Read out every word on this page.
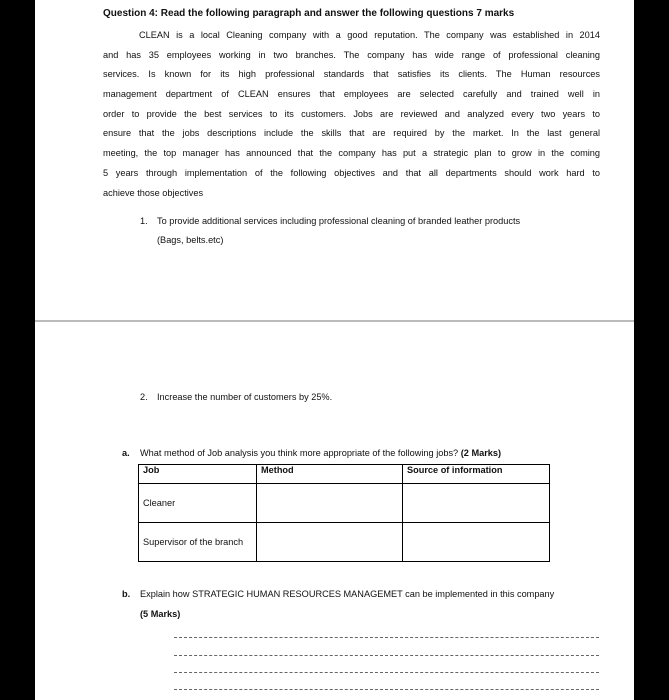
Question 4: Read the following paragraph and answer the following questions 7 marks
CLEAN is a local Cleaning company with a good reputation. The company was established in 2014
and has 35 employees working in two branches. The company has wide range of professional cleaning
services. Is known for its high professional standards that satisfies its clients. The Human resources
management department of CLEAN ensures that employees are selected carefully and trained well in
order to provide the best services to its customers. Jobs are reviewed and analyzed every two years to
ensure that the jobs descriptions include the skills that are required by the market. In the last general
meeting, the top manager has announced that the company has put a strategic plan to grow in the coming
5 years through implementation of the following objectives and that all departments should work hard to
achieve those objectives
1. To provide additional services including professional cleaning of branded leather products
(Bags, belts.etc)
2. Increase the number of customers by 25%.
a. What method of Job analysis you think more appropriate of the following jobs? (2 Marks)
Job	Method	Source of information
Cleaner		
Supervisor of the branch		
b. Explain how STRATEGIC HUMAN RESOURCES MANAGEMET can be implemented in this company
(5 Marks)
